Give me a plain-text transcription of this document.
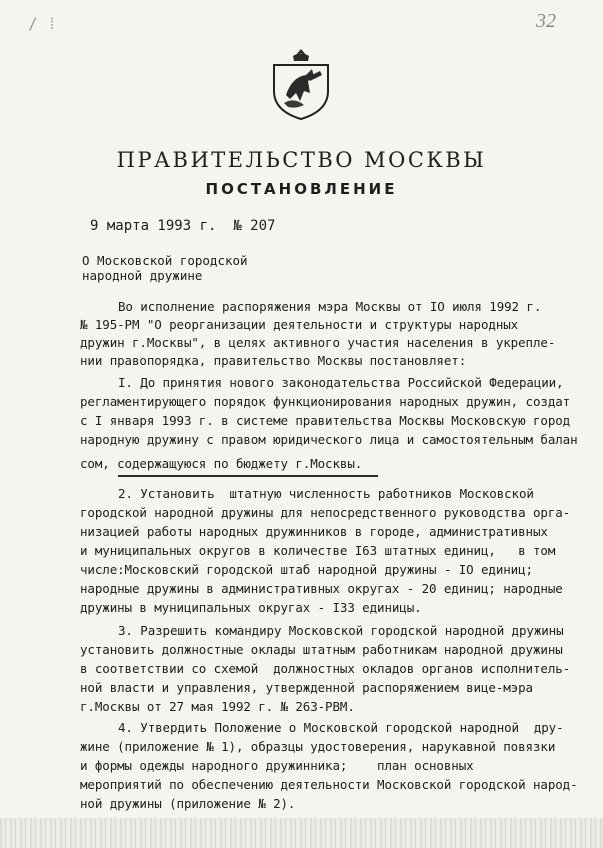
/ ⁞	32
ПРАВИТЕЛЬСТВО МОСКВЫ
ПОСТАНОВЛЕНИЕ
9 марта 1993 г.  № 207
О Московской городской
народной дружине
Во исполнение распоряжения мэра Москвы от IO июля 1992 г.
№ 195-РМ "О реорганизации деятельности и структуры народных
дружин г.Москвы", в целях активного участия населения в укрепле-
нии правопорядка, правительство Москвы постановляет:
I. До принятия нового законодательства Российской Федерации,
регламентирующего порядок функционирования народных дружин, создат
с I января 1993 г. в системе правительства Москвы Московскую город
народную дружину с правом юридического лица и самостоятельным балан
сом, содержащуюся по бюджету г.Москвы.
2. Установить  штатную численность работников Московской
городской народной дружины для непосредственного руководства орга-
низацией работы народных дружинников в городе, административных
и муниципальных округов в количестве I63 штатных единиц,   в том
числе:Московский городской штаб народной дружины - IO единиц;
народные дружины в административных округах - 20 единиц; народные
дружины в муниципальных округах - I33 единицы.
3. Разрешить командиру Московской городской народной дружины
установить должностные оклады штатным работникам народной дружины
в соответствии со схемой  должностных окладов органов исполнитель-
ной власти и управления, утвержденной распоряжением вице-мэра
г.Москвы от 27 мая 1992 г. № 263-РВМ.
4. Утвердить Положение о Московской городской народной  дру-
жине (приложение № 1), образцы удостоверения, нарукавной повязки
и формы одежды народного дружинника;    план основных
мероприятий по обеспечению деятельности Московской городской народ-
ной дружины (приложение № 2).
